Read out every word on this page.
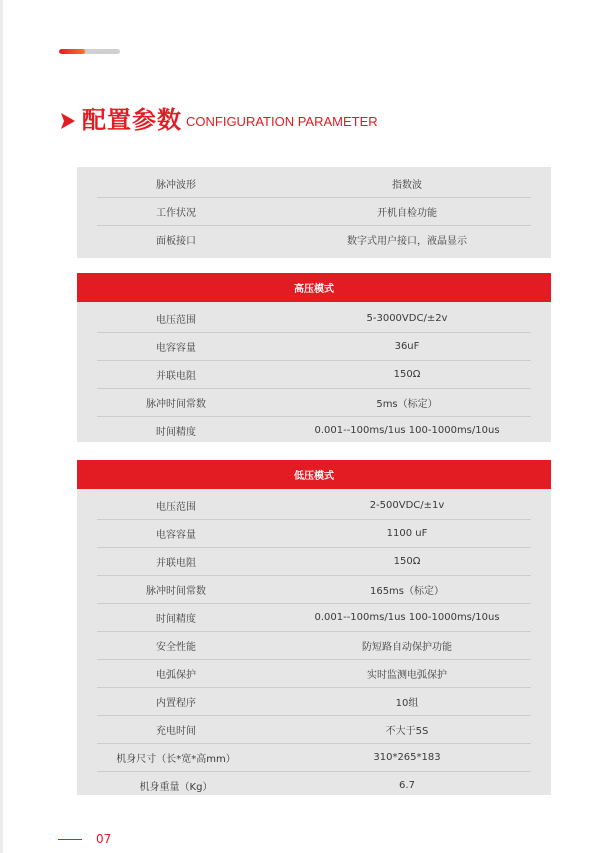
配置参数 CONFIGURATION PARAMETER
脉冲波形	指数波
工作状况	开机自检功能
面板接口	数字式用户接口，液晶显示
高压模式
电压范围	5-3000VDC/±2v
电容容量	36uF
并联电阻	150Ω
脉冲时间常数	5ms（标定）
时间精度	0.001--100ms/1us 100-1000ms/10us
低压模式
电压范围	2-500VDC/±1v
电容容量	1100 uF
并联电阻	150Ω
脉冲时间常数	165ms（标定）
时间精度	0.001--100ms/1us 100-1000ms/10us
安全性能	防短路自动保护功能
电弧保护	实时监测电弧保护
内置程序	10组
充电时间	不大于5S
机身尺寸（长*宽*高mm）	310*265*183
机身重量（Kg）	6.7
07
